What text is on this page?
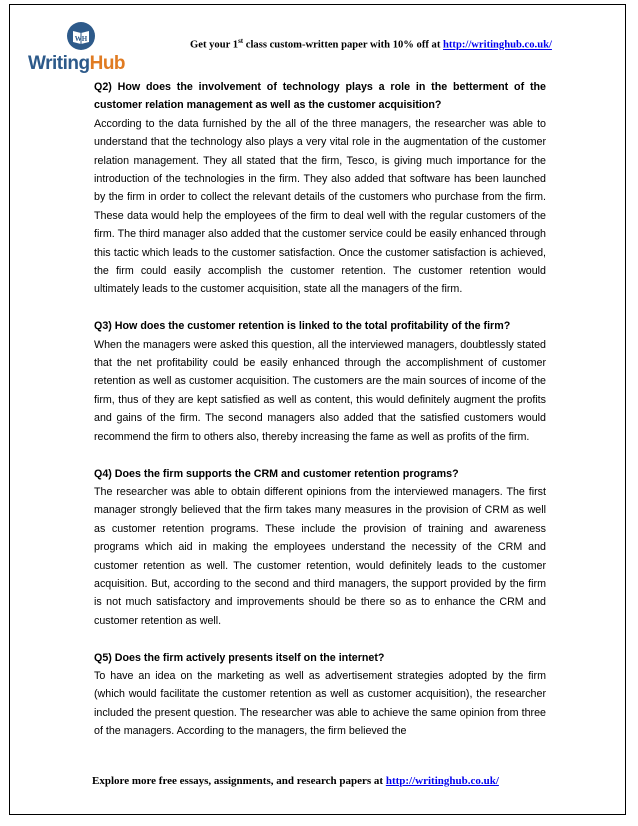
WH
WritingHub
Get your 1st class custom-written paper with 10% off at http://writinghub.co.uk/
Q2) How does the involvement of technology plays a role in the betterment of the customer relation management as well as the customer acquisition?

According to the data furnished by the all of the three managers, the researcher was able to understand that the technology also plays a very vital role in the augmentation of the customer relation management. They all stated that the firm, Tesco, is giving much importance for the introduction of the technologies in the firm. They also added that software has been launched by the firm in order to collect the relevant details of the customers who purchase from the firm. These data would help the employees of the firm to deal well with the regular customers of the firm. The third manager also added that the customer service could be easily enhanced through this tactic which leads to the customer satisfaction. Once the customer satisfaction is achieved, the firm could easily accomplish the customer retention. The customer retention would ultimately leads to the customer acquisition, state all the managers of the firm.

Q3) How does the customer retention is linked to the total profitability of the firm?

When the managers were asked this question, all the interviewed managers, doubtlessly stated that the net profitability could be easily enhanced through the accomplishment of customer retention as well as customer acquisition. The customers are the main sources of income of the firm, thus of they are kept satisfied as well as content, this would definitely augment the profits and gains of the firm. The second managers also added that the satisfied customers would recommend the firm to others also, thereby increasing the fame as well as profits of the firm.

Q4) Does the firm supports the CRM and customer retention programs?

The researcher was able to obtain different opinions from the interviewed managers. The first manager strongly believed that the firm takes many measures in the provision of CRM as well as customer retention programs. These include the provision of training and awareness programs which aid in making the employees understand the necessity of the CRM and customer retention as well. The customer retention, would definitely leads to the customer acquisition. But, according to the second and third managers, the support provided by the firm is not much satisfactory and improvements should be there so as to enhance the CRM and customer retention as well.

Q5) Does the firm actively presents itself on the internet?

To have an idea on the marketing as well as advertisement strategies adopted by the firm (which would facilitate the customer retention as well as customer acquisition), the researcher included the present question. The researcher was able to achieve the same opinion from three of the managers. According to the managers, the firm believed the

Explore more free essays, assignments, and research papers at http://writinghub.co.uk/
